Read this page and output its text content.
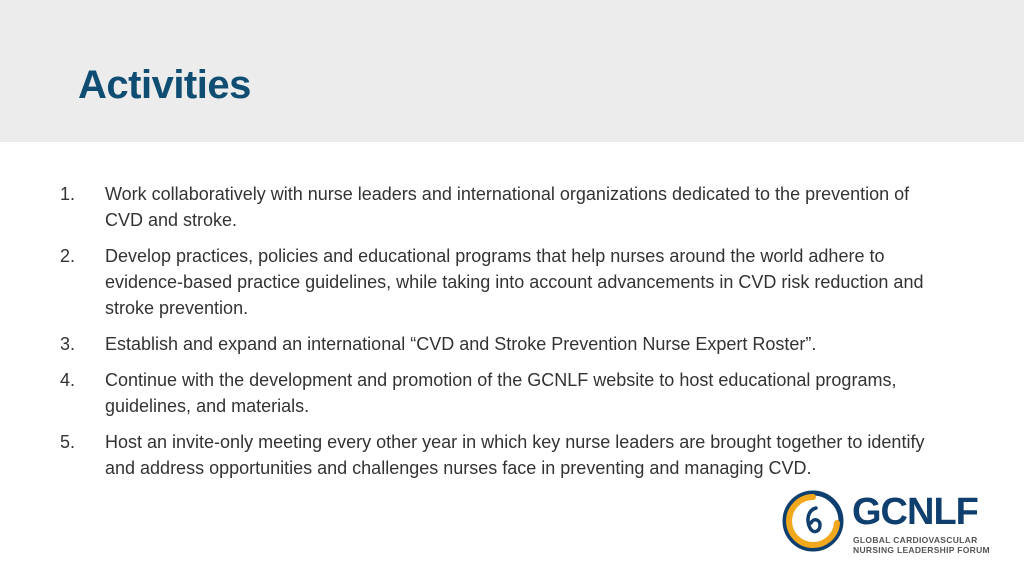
Activities
1.	Work collaboratively with nurse leaders and international organizations dedicated to the prevention of CVD and stroke.
2.	Develop practices, policies and educational programs that help nurses around the world adhere to evidence-based practice guidelines, while taking into account advancements in CVD risk reduction and stroke prevention.
3.	Establish and expand an international “CVD and Stroke Prevention Nurse Expert Roster”.
4.	Continue with the development and promotion of the GCNLF website to host educational programs, guidelines, and materials.
5.	Host an invite-only meeting every other year in which key nurse leaders are brought together to identify and address opportunities and challenges nurses face in preventing and managing CVD.
GCNLF
GLOBAL CARDIOVASCULAR
NURSING LEADERSHIP FORUM
